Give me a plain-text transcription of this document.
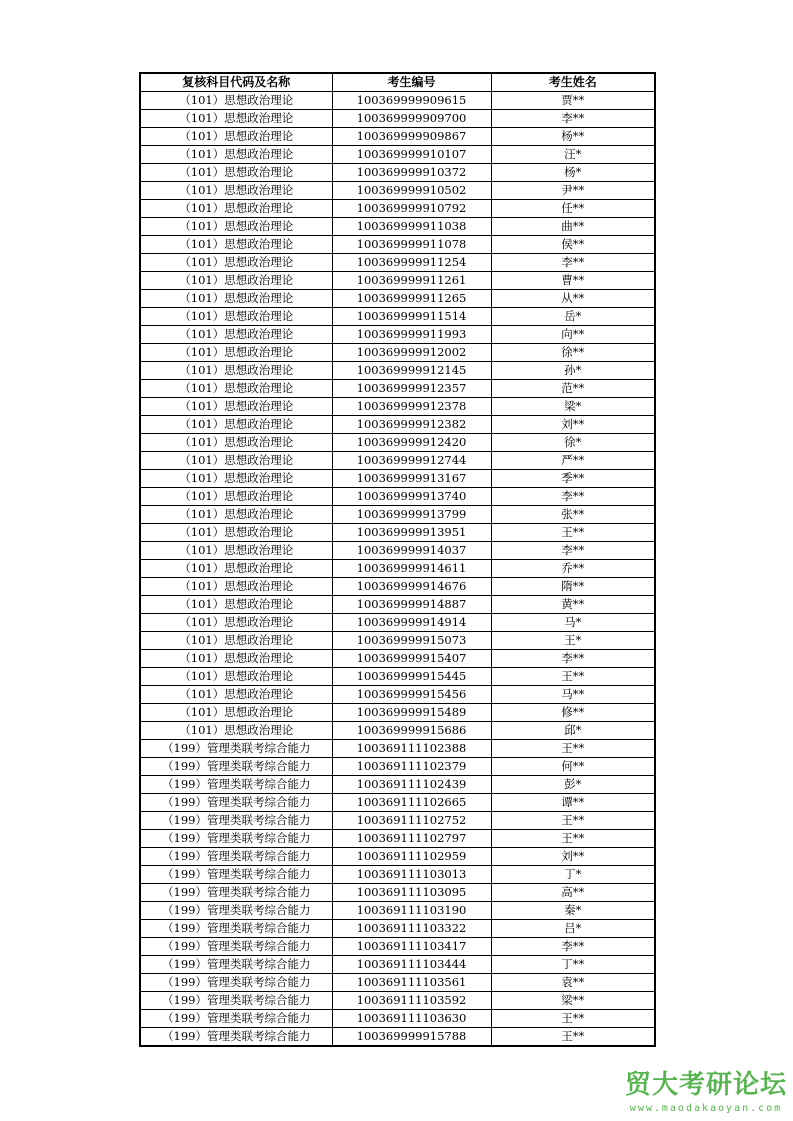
复核科目代码及名称	考生编号	考生姓名
（101）思想政治理论	100369999909615	贾**
（101）思想政治理论	100369999909700	李**
（101）思想政治理论	100369999909867	杨**
（101）思想政治理论	100369999910107	汪*
（101）思想政治理论	100369999910372	杨*
（101）思想政治理论	100369999910502	尹**
（101）思想政治理论	100369999910792	任**
（101）思想政治理论	100369999911038	曲**
（101）思想政治理论	100369999911078	侯**
（101）思想政治理论	100369999911254	李**
（101）思想政治理论	100369999911261	曹**
（101）思想政治理论	100369999911265	从**
（101）思想政治理论	100369999911514	岳*
（101）思想政治理论	100369999911993	向**
（101）思想政治理论	100369999912002	徐**
（101）思想政治理论	100369999912145	孙*
（101）思想政治理论	100369999912357	范**
（101）思想政治理论	100369999912378	梁*
（101）思想政治理论	100369999912382	刘**
（101）思想政治理论	100369999912420	徐*
（101）思想政治理论	100369999912744	严**
（101）思想政治理论	100369999913167	季**
（101）思想政治理论	100369999913740	李**
（101）思想政治理论	100369999913799	张**
（101）思想政治理论	100369999913951	王**
（101）思想政治理论	100369999914037	李**
（101）思想政治理论	100369999914611	乔**
（101）思想政治理论	100369999914676	隋**
（101）思想政治理论	100369999914887	黄**
（101）思想政治理论	100369999914914	马*
（101）思想政治理论	100369999915073	王*
（101）思想政治理论	100369999915407	李**
（101）思想政治理论	100369999915445	王**
（101）思想政治理论	100369999915456	马**
（101）思想政治理论	100369999915489	修**
（101）思想政治理论	100369999915686	邱*
（199）管理类联考综合能力	100369111102388	王**
（199）管理类联考综合能力	100369111102379	何**
（199）管理类联考综合能力	100369111102439	彭*
（199）管理类联考综合能力	100369111102665	谭**
（199）管理类联考综合能力	100369111102752	王**
（199）管理类联考综合能力	100369111102797	王**
（199）管理类联考综合能力	100369111102959	刘**
（199）管理类联考综合能力	100369111103013	丁*
（199）管理类联考综合能力	100369111103095	高**
（199）管理类联考综合能力	100369111103190	秦*
（199）管理类联考综合能力	100369111103322	吕*
（199）管理类联考综合能力	100369111103417	李**
（199）管理类联考综合能力	100369111103444	丁**
（199）管理类联考综合能力	100369111103561	袁**
（199）管理类联考综合能力	100369111103592	梁**
（199）管理类联考综合能力	100369111103630	王**
（199）管理类联考综合能力	100369999915788	王**
贸大考研论坛
www.maodakaoyan.com
